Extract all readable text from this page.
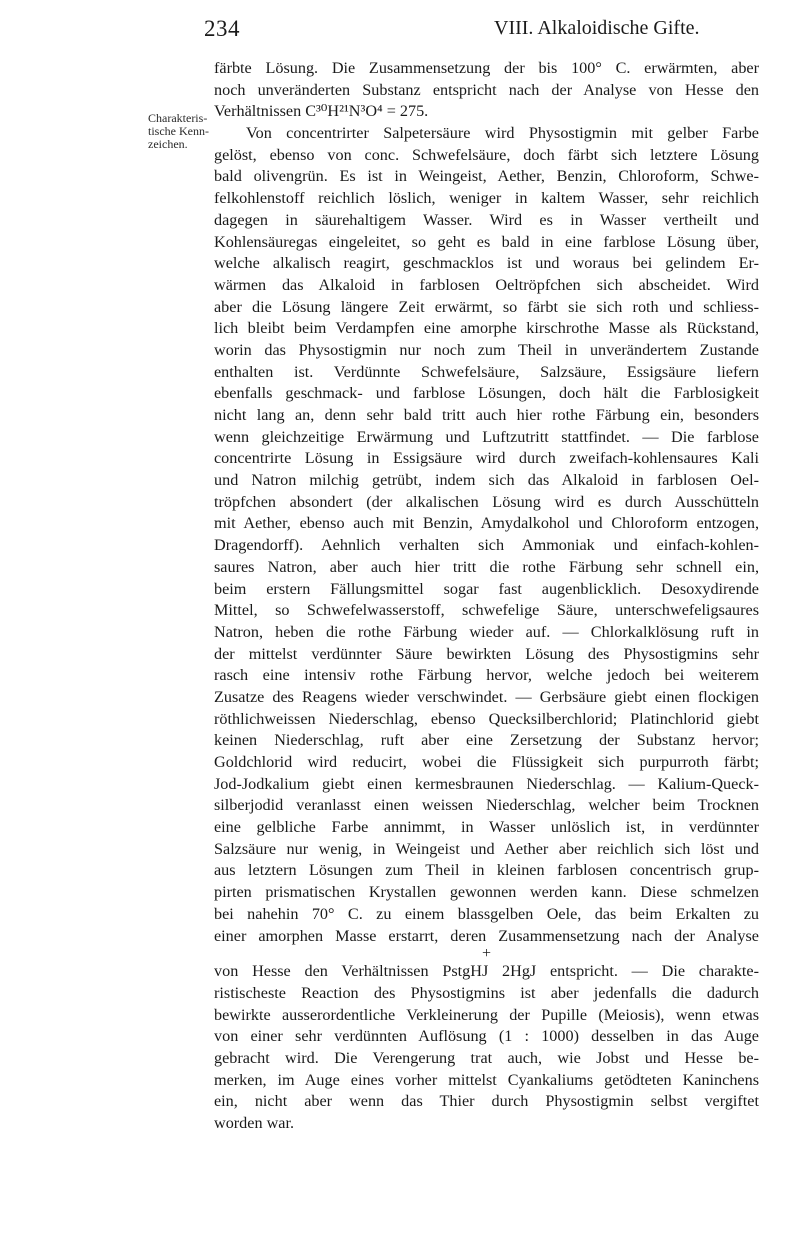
234	VIII. Alkaloidische Gifte.
Charakteris-
tische Kenn-
zeichen.
färbte Lösung. Die Zusammensetzung der bis 100° C. erwärmten, aber
noch unveränderten Substanz entspricht nach der Analyse von Hesse den
Verhältnissen C³⁰H²¹N³O⁴ = 275.
Von concentrirter Salpetersäure wird Physostigmin mit gelber Farbe
gelöst, ebenso von conc. Schwefelsäure, doch färbt sich letztere Lösung
bald olivengrün. Es ist in Weingeist, Aether, Benzin, Chloroform, Schwe-
felkohlenstoff reichlich löslich, weniger in kaltem Wasser, sehr reichlich
dagegen in säurehaltigem Wasser. Wird es in Wasser vertheilt und
Kohlensäuregas eingeleitet, so geht es bald in eine farblose Lösung über,
welche alkalisch reagirt, geschmacklos ist und woraus bei gelindem Er-
wärmen das Alkaloid in farblosen Oeltröpfchen sich abscheidet. Wird
aber die Lösung längere Zeit erwärmt, so färbt sie sich roth und schliess-
lich bleibt beim Verdampfen eine amorphe kirschrothe Masse als Rückstand,
worin das Physostigmin nur noch zum Theil in unverändertem Zustande
enthalten ist. Verdünnte Schwefelsäure, Salzsäure, Essigsäure liefern
ebenfalls geschmack- und farblose Lösungen, doch hält die Farblosigkeit
nicht lang an, denn sehr bald tritt auch hier rothe Färbung ein, besonders
wenn gleichzeitige Erwärmung und Luftzutritt stattfindet. — Die farblose
concentrirte Lösung in Essigsäure wird durch zweifach-kohlensaures Kali
und Natron milchig getrübt, indem sich das Alkaloid in farblosen Oel-
tröpfchen absondert (der alkalischen Lösung wird es durch Ausschütteln
mit Aether, ebenso auch mit Benzin, Amydalkohol und Chloroform entzogen,
Dragendorff). Aehnlich verhalten sich Ammoniak und einfach-kohlen-
saures Natron, aber auch hier tritt die rothe Färbung sehr schnell ein,
beim erstern Fällungsmittel sogar fast augenblicklich. Desoxydirende
Mittel, so Schwefelwasserstoff, schwefelige Säure, unterschwefeligsaures
Natron, heben die rothe Färbung wieder auf. — Chlorkalklösung ruft in
der mittelst verdünnter Säure bewirkten Lösung des Physostigmins sehr
rasch eine intensiv rothe Färbung hervor, welche jedoch bei weiterem
Zusatze des Reagens wieder verschwindet. — Gerbsäure giebt einen flockigen
röthlichweissen Niederschlag, ebenso Quecksilberchlorid; Platinchlorid giebt
keinen Niederschlag, ruft aber eine Zersetzung der Substanz hervor;
Goldchlorid wird reducirt, wobei die Flüssigkeit sich purpurroth färbt;
Jod-Jodkalium giebt einen kermesbraunen Niederschlag. — Kalium-Queck-
silberjodid veranlasst einen weissen Niederschlag, welcher beim Trocknen
eine gelbliche Farbe annimmt, in Wasser unlöslich ist, in verdünnter
Salzsäure nur wenig, in Weingeist und Aether aber reichlich sich löst und
aus letztern Lösungen zum Theil in kleinen farblosen concentrisch grup-
pirten prismatischen Krystallen gewonnen werden kann. Diese schmelzen
bei nahehin 70° C. zu einem blassgelben Oele, das beim Erkalten zu
einer amorphen Masse erstarrt, deren Zusammensetzung nach der Analyse
+
von Hesse den Verhältnissen PstgHJ 2HgJ entspricht. — Die charakte-
ristischeste Reaction des Physostigmins ist aber jedenfalls die dadurch
bewirkte ausserordentliche Verkleinerung der Pupille (Meiosis), wenn etwas
von einer sehr verdünnten Auflösung (1 : 1000) desselben in das Auge
gebracht wird. Die Verengerung trat auch, wie Jobst und Hesse be-
merken, im Auge eines vorher mittelst Cyankaliums getödteten Kaninchens
ein, nicht aber wenn das Thier durch Physostigmin selbst vergiftet
worden war.
